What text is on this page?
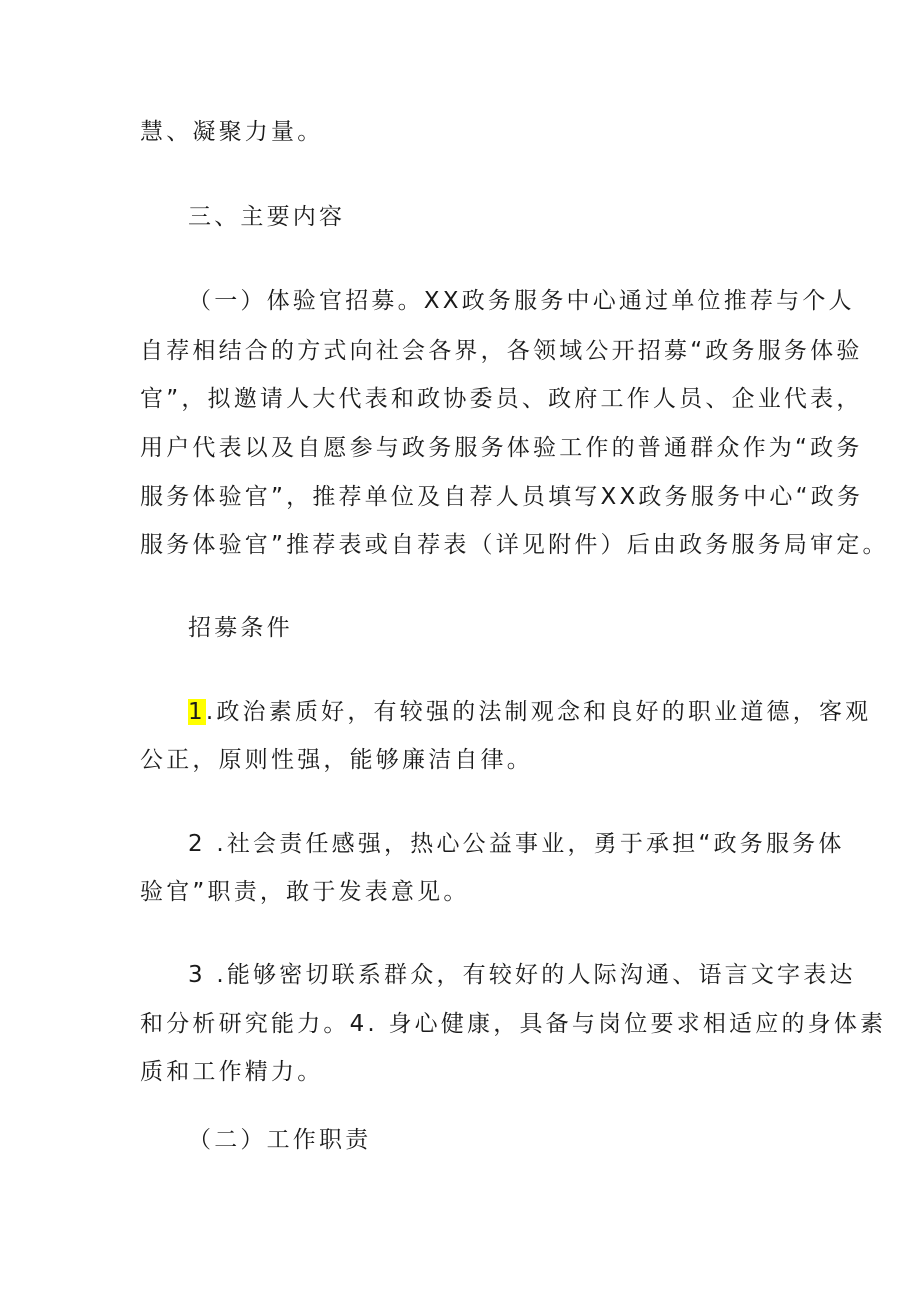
慧、凝聚力量。
三、主要内容
（一）体验官招募。XX政务服务中心通过单位推荐与个人
自荐相结合的方式向社会各界，各领域公开招募“政务服务体验
官”，拟邀请人大代表和政协委员、政府工作人员、企业代表，
用户代表以及自愿参与政务服务体验工作的普通群众作为“政务
服务体验官”，推荐单位及自荐人员填写XX政务服务中心“政务
服务体验官”推荐表或自荐表（详见附件）后由政务服务局审定。
招募条件
1.政治素质好，有较强的法制观念和良好的职业道德，客观
公正，原则性强，能够廉洁自律。
2 .社会责任感强，热心公益事业，勇于承担“政务服务体
验官”职责，敢于发表意见。
3 .能够密切联系群众，有较好的人际沟通、语言文字表达
和分析研究能力。4. 身心健康，具备与岗位要求相适应的身体素
质和工作精力。
（二）工作职责
